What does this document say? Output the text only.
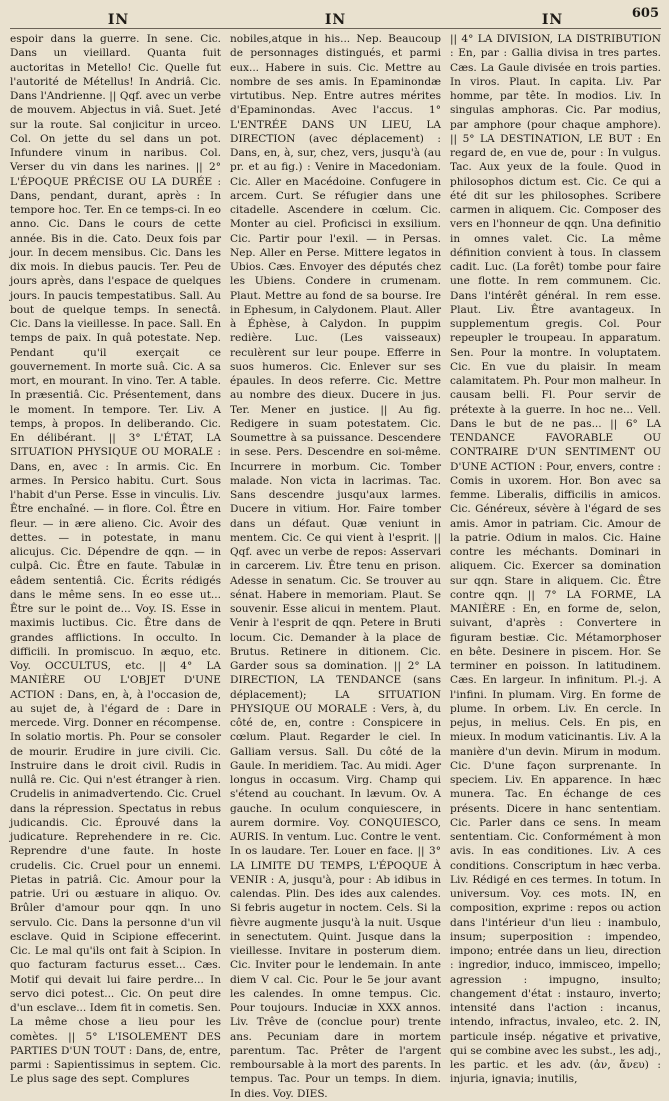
IN	IN	IN	605

espoir dans la guerre. In sene. Cic. Dans un vieillard. Quanta fuit auctoritas in Metello! Cic. Quelle fut l'autorité de Métellus! In Andriâ. Cic. Dans l'Andrienne. || Qqf. avec un verbe de mouvem. Abjectus in viâ. Suet. Jeté sur la route. Sal conjicitur in urceo. Col. On jette du sel dans un pot. Infundere vinum in naribus. Col. Verser du vin dans les narines. || 2° L'ÉPOQUE PRÉCISE OU LA DURÉE : Dans, pendant, durant, après : In tempore hoc. Ter. En ce temps-ci. In eo anno. Cic. Dans le cours de cette année. Bis in die. Cato. Deux fois par jour. In decem mensibus. Cic. Dans les dix mois. In diebus paucis. Ter. Peu de jours après, dans l'espace de quelques jours. In paucis tempestatibus. Sall. Au bout de quelque temps. In senectâ. Cic. Dans la vieillesse. In pace. Sall. En temps de paix. In quâ potestate. Nep. Pendant qu'il exerçait ce gouvernement. In morte suâ. Cic. A sa mort, en mourant. In vino. Ter. A table. In præsentiâ. Cic. Présentement, dans le moment. In tempore. Ter. Liv. A temps, à propos. In deliberando. Cic. En délibérant. || 3° L'ÉTAT, LA SITUATION PHYSIQUE OU MORALE : Dans, en, avec : In armis. Cic. En armes. In Persico habitu. Curt. Sous l'habit d'un Perse. Esse in vinculis. Liv. Être enchaîné. — in flore. Col. Être en fleur. — in ære alieno. Cic. Avoir des dettes. — in potestate, in manu alicujus. Cic. Dépendre de qqn. — in culpâ. Cic. Être en faute. Tabulæ in eâdem sententiâ. Cic. Écrits rédigés dans le même sens. In eo esse ut... Être sur le point de... Voy. IS. Esse in maximis luctibus. Cic. Être dans de grandes afflictions. In occulto. In difficili. In promiscuo. In æquo, etc. Voy. OCCULTUS, etc. || 4° LA MANIÈRE OU L'OBJET D'UNE ACTION : Dans, en, à, à l'occasion de, au sujet de, à l'égard de : Dare in mercede. Virg. Donner en récompense. In solatio mortis. Ph. Pour se consoler de mourir. Erudire in jure civili. Cic. Instruire dans le droit civil. Rudis in nullâ re. Cic. Qui n'est étranger à rien. Crudelis in animadvertendo. Cic. Cruel dans la répression. Spectatus in rebus judicandis. Cic. Éprouvé dans la judicature. Reprehendere in re. Cic. Reprendre d'une faute. In hoste crudelis. Cic. Cruel pour un ennemi. Pietas in patriâ. Cic. Amour pour la patrie. Uri ou æstuare in aliquo. Ov. Brûler d'amour pour qqn. In uno servulo. Cic. Dans la personne d'un vil esclave. Quid in Scipione effecerint. Cic. Le mal qu'ils ont fait à Scipion. In quo facturam facturus esset... Cæs. Motif qui devait lui faire perdre... In servo dici potest... Cic. On peut dire d'un esclave... Idem fit in cometis. Sen. La même chose a lieu pour les comètes. || 5° L'ISOLEMENT DES PARTIES D'UN TOUT : Dans, de, entre, parmi : Sapientissimus in septem. Cic. Le plus sage des sept. Complures

nobiles,atque in his... Nep. Beaucoup de personnages distingués, et parmi eux... Habere in suis. Cic. Mettre au nombre de ses amis. In Epaminondæ virtutibus. Nep. Entre autres mérites d'Epaminondas. Avec l'accus. 1° L'ENTRÉE DANS UN LIEU, LA DIRECTION (avec déplacement) : Dans, en, à, sur, chez, vers, jusqu'à (au pr. et au fig.) : Venire in Macedoniam. Cic. Aller en Macédoine. Confugere in arcem. Curt. Se réfugier dans une citadelle. Ascendere in cœlum. Cic. Monter au ciel. Proficisci in exsilium. Cic. Partir pour l'exil. — in Persas. Nep. Aller en Perse. Mittere legatos in Ubios. Cæs. Envoyer des députés chez les Ubiens. Condere in crumenam. Plaut. Mettre au fond de sa bourse. Ire in Ephesum, in Calydonem. Plaut. Aller à Éphèse, à Calydon. In puppim redière. Luc. (Les vaisseaux) reculèrent sur leur poupe. Efferre in suos humeros. Cic. Enlever sur ses épaules. In deos referre. Cic. Mettre au nombre des dieux. Ducere in jus. Ter. Mener en justice. || Au fig. Redigere in suam potestatem. Cic. Soumettre à sa puissance. Descendere in sese. Pers. Descendre en soi-même. Incurrere in morbum. Cic. Tomber malade. Non victa in lacrimas. Tac. Sans descendre jusqu'aux larmes. Ducere in vitium. Hor. Faire tomber dans un défaut. Quæ veniunt in mentem. Cic. Ce qui vient à l'esprit. || Qqf. avec un verbe de repos: Asservari in carcerem. Liv. Être tenu en prison. Adesse in senatum. Cic. Se trouver au sénat. Habere in memoriam. Plaut. Se souvenir. Esse alicui in mentem. Plaut. Venir à l'esprit de qqn. Petere in Bruti locum. Cic. Demander à la place de Brutus. Retinere in ditionem. Cic. Garder sous sa domination. || 2° LA DIRECTION, LA TENDANCE (sans déplacement); LA SITUATION PHYSIQUE OU MORALE : Vers, à, du côté de, en, contre : Conspicere in cœlum. Plaut. Regarder le ciel. In Galliam versus. Sall. Du côté de la Gaule. In meridiem. Tac. Au midi. Ager longus in occasum. Virg. Champ qui s'étend au couchant. In lævum. Ov. A gauche. In oculum conquiescere, in aurem dormire. Voy. CONQUIESCO, AURIS. In ventum. Luc. Contre le vent. In os laudare. Ter. Louer en face. || 3° LA LIMITE DU TEMPS, L'ÉPOQUE À VENIR : A, jusqu'à, pour : Ab idibus in calendas. Plin. Des ides aux calendes. Si febris augetur in noctem. Cels. Si la fièvre augmente jusqu'à la nuit. Usque in senectutem. Quint. Jusque dans la vieillesse. Invitare in posterum diem. Cic. Inviter pour le lendemain. In ante diem V cal. Cic. Pour le 5e jour avant les calendes. In omne tempus. Cic. Pour toujours. Induciæ in XXX annos. Liv. Trêve de (conclue pour) trente ans. Pecuniam dare in mortem parentum. Tac. Prêter de l'argent remboursable à la mort des parents. In tempus. Tac. Pour un temps. In diem. In dies. Voy. DIES.

|| 4° LA DIVISION, LA DISTRIBUTION : En, par : Gallia divisa in tres partes. Cæs. La Gaule divisée en trois parties. In viros. Plaut. In capita. Liv. Par homme, par tête. In modios. Liv. In singulas amphoras. Cic. Par modius, par amphore (pour chaque amphore). || 5° LA DESTINATION, LE BUT : En regard de, en vue de, pour : In vulgus. Tac. Aux yeux de la foule. Quod in philosophos dictum est. Cic. Ce qui a été dit sur les philosophes. Scribere carmen in aliquem. Cic. Composer des vers en l'honneur de qqn. Una definitio in omnes valet. Cic. La même définition convient à tous. In classem cadit. Luc. (La forêt) tombe pour faire une flotte. In rem communem. Cic. Dans l'intérêt général. In rem esse. Plaut. Liv. Être avantageux. In supplementum gregis. Col. Pour repeupler le troupeau. In apparatum. Sen. Pour la montre. In voluptatem. Cic. En vue du plaisir. In meam calamitatem. Ph. Pour mon malheur. In causam belli. Fl. Pour servir de prétexte à la guerre. In hoc ne... Vell. Dans le but de ne pas... || 6° LA TENDANCE FAVORABLE OU CONTRAIRE D'UN SENTIMENT OU D'UNE ACTION : Pour, envers, contre : Comis in uxorem. Hor. Bon avec sa femme. Liberalis, difficilis in amicos. Cic. Généreux, sévère à l'égard de ses amis. Amor in patriam. Cic. Amour de la patrie. Odium in malos. Cic. Haine contre les méchants. Dominari in aliquem. Cic. Exercer sa domination sur qqn. Stare in aliquem. Cic. Être contre qqn. || 7° LA FORME, LA MANIÈRE : En, en forme de, selon, suivant, d'après : Convertere in figuram bestiæ. Cic. Métamorphoser en bête. Desinere in piscem. Hor. Se terminer en poisson. In latitudinem. Cæs. En largeur. In infinitum. Pl.-j. A l'infini. In plumam. Virg. En forme de plume. In orbem. Liv. En cercle. In pejus, in melius. Cels. En pis, en mieux. In modum vaticinantis. Liv. A la manière d'un devin. Mirum in modum. Cic. D'une façon surprenante. In speciem. Liv. En apparence. In hæc munera. Tac. En échange de ces présents. Dicere in hanc sententiam. Cic. Parler dans ce sens. In meam sententiam. Cic. Conformément à mon avis. In eas conditiones. Liv. A ces conditions. Conscriptum in hæc verba. Liv. Rédigé en ces termes. In totum. In universum. Voy. ces mots. IN, en composition, exprime : repos ou action dans l'intérieur d'un lieu : inambulo, insum; superposition : impendeo, impono; entrée dans un lieu, direction : ingredior, induco, immisceo, impello; agression : impugno, insulto; changement d'état : instauro, inverto; intensité dans l'action : incanus, intendo, infractus, invaleo, etc. 2. IN, particule insép. négative et privative, qui se combine avec les subst., les adj., les partic. et les adv. (ἀν, ἄνευ) : injuria, ignavia; inutilis,
